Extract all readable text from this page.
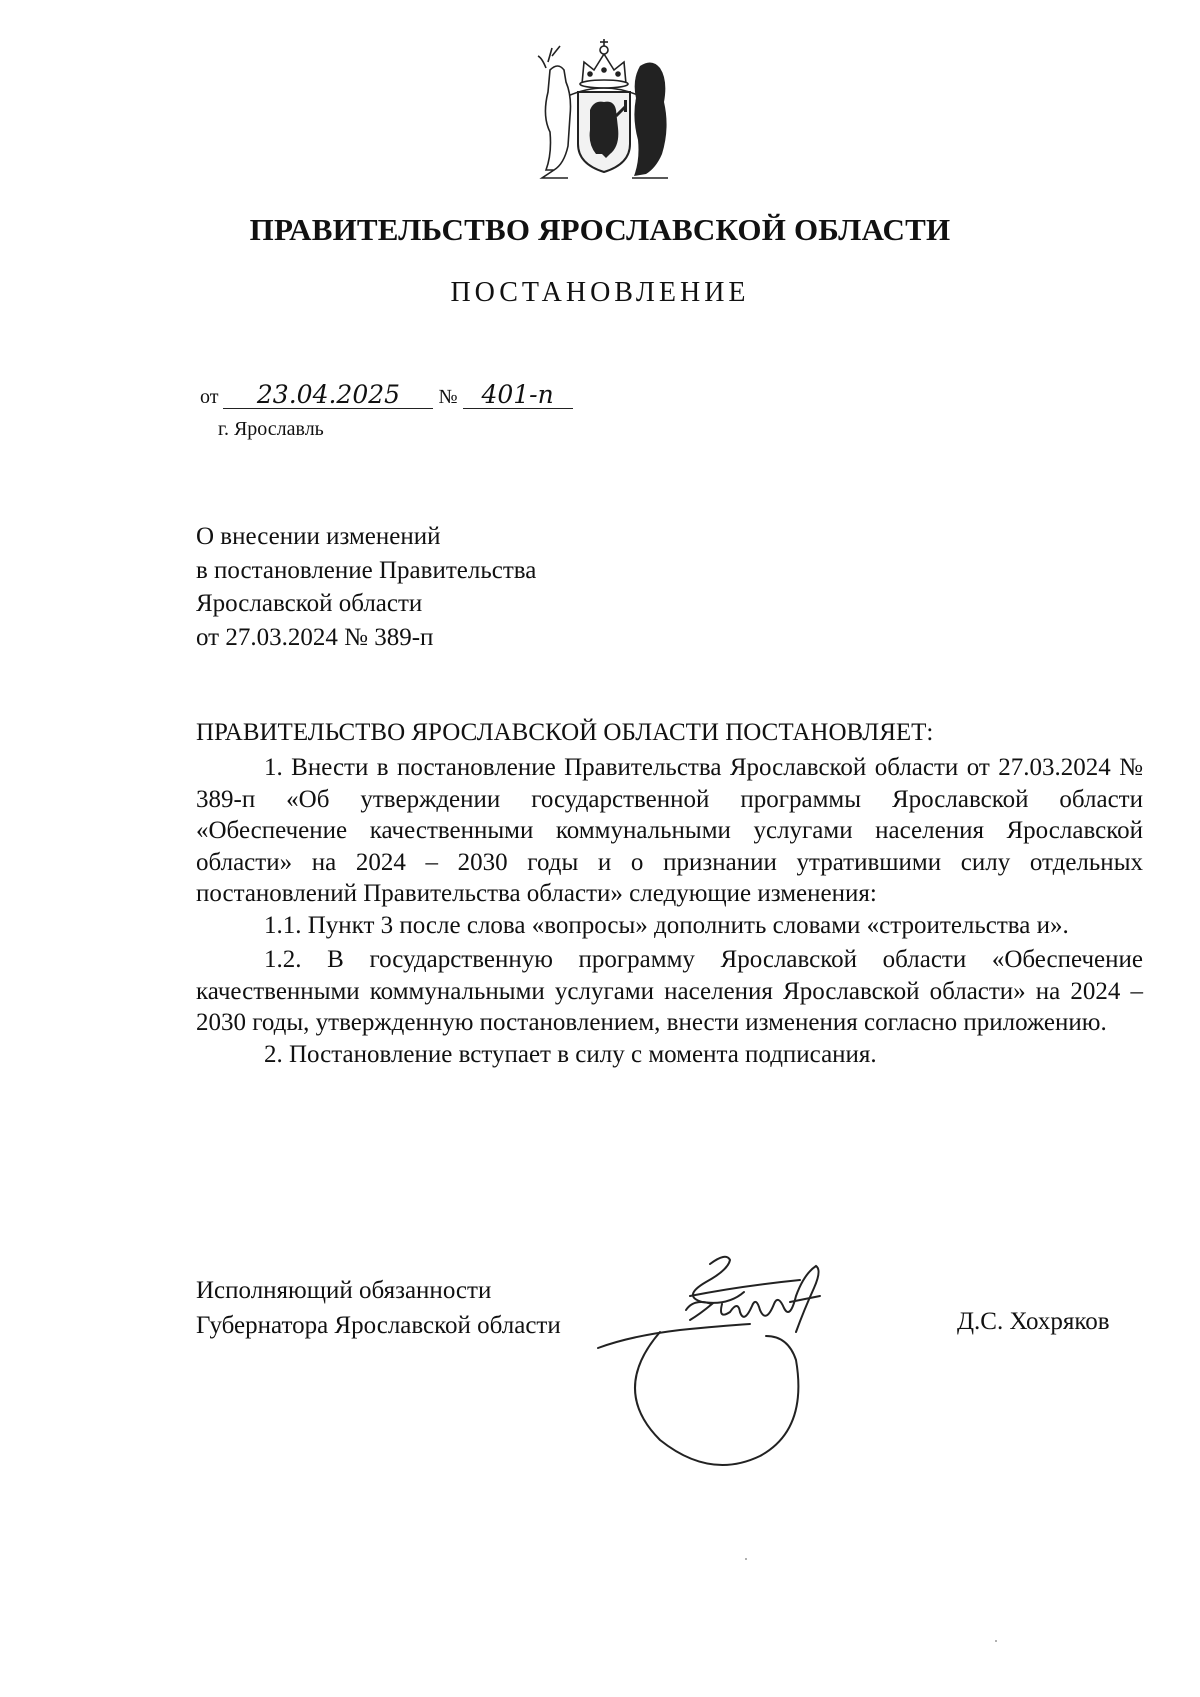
ПРАВИТЕЛЬСТВО ЯРОСЛАВСКОЙ ОБЛАСТИ
ПОСТАНОВЛЕНИЕ
от 23.04.2025 № 401-п
г. Ярославль
О внесении изменений
в постановление Правительства
Ярославской области
от 27.03.2024 № 389-п
ПРАВИТЕЛЬСТВО ЯРОСЛАВСКОЙ ОБЛАСТИ ПОСТАНОВЛЯЕТ:

1. Внести в постановление Правительства Ярославской области от 27.03.2024 № 389-п «Об утверждении государственной программы Ярославской области «Обеспечение качественными коммунальными услугами населения Ярославской области» на 2024 – 2030 годы и о признании утратившими силу отдельных постановлений Правительства области» следующие изменения:

1.1. Пункт 3 после слова «вопросы» дополнить словами «строительства и».

1.2. В государственную программу Ярославской области «Обеспечение качественными коммунальными услугами населения Ярославской области» на 2024 – 2030 годы, утвержденную постановлением, внести изменения согласно приложению.

2. Постановление вступает в силу с момента подписания.

Исполняющий обязанности
Губернатора Ярославской области	Д.С. Хохряков
